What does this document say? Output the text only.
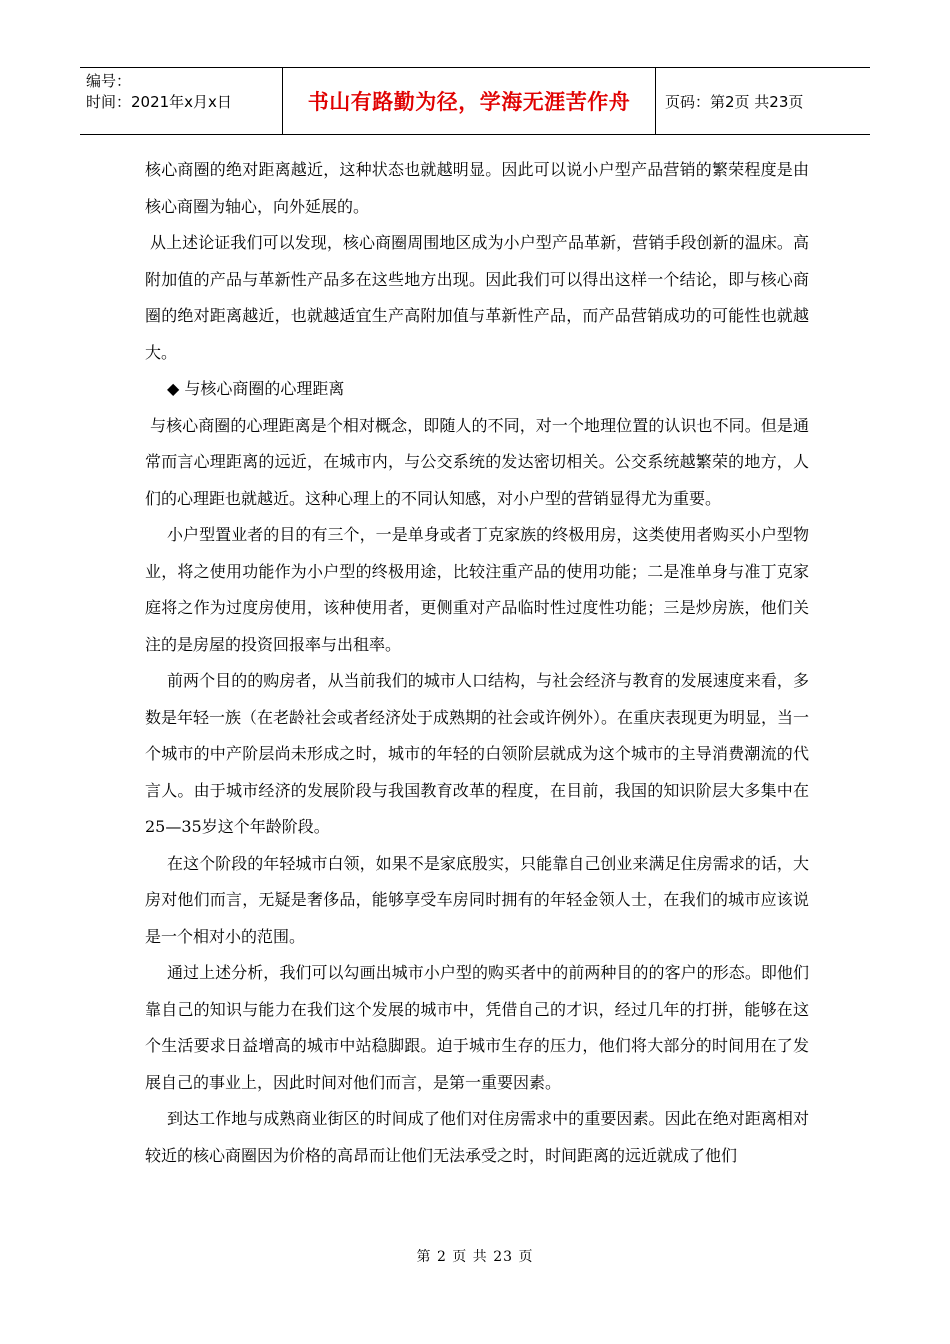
编号：
时间：2021年x月x日	书山有路勤为径，学海无涯苦作舟	页码：第2页 共23页

核心商圈的绝对距离越近，这种状态也就越明显。因此可以说小户型产品营销的繁荣程度是由核心商圈为轴心，向外延展的。

从上述论证我们可以发现，核心商圈周围地区成为小户型产品革新，营销手段创新的温床。高附加值的产品与革新性产品多在这些地方出现。因此我们可以得出这样一个结论，即与核心商圈的绝对距离越近，也就越适宜生产高附加值与革新性产品，而产品营销成功的可能性也就越大。

◆ 与核心商圈的心理距离

与核心商圈的心理距离是个相对概念，即随人的不同，对一个地理位置的认识也不同。但是通常而言心理距离的远近，在城市内，与公交系统的发达密切相关。公交系统越繁荣的地方，人们的心理距也就越近。这种心理上的不同认知感，对小户型的营销显得尤为重要。

小户型置业者的目的有三个，一是单身或者丁克家族的终极用房，这类使用者购买小户型物业，将之使用功能作为小户型的终极用途，比较注重产品的使用功能；二是准单身与准丁克家庭将之作为过度房使用，该种使用者，更侧重对产品临时性过度性功能；三是炒房族，他们关注的是房屋的投资回报率与出租率。

前两个目的的购房者，从当前我们的城市人口结构，与社会经济与教育的发展速度来看，多数是年轻一族（在老龄社会或者经济处于成熟期的社会或许例外）。在重庆表现更为明显，当一个城市的中产阶层尚未形成之时，城市的年轻的白领阶层就成为这个城市的主导消费潮流的代言人。由于城市经济的发展阶段与我国教育改革的程度，在目前，我国的知识阶层大多集中在25—35岁这个年龄阶段。

在这个阶段的年轻城市白领，如果不是家底殷实，只能靠自己创业来满足住房需求的话，大房对他们而言，无疑是奢侈品，能够享受车房同时拥有的年轻金领人士，在我们的城市应该说是一个相对小的范围。

通过上述分析，我们可以勾画出城市小户型的购买者中的前两种目的的客户的形态。即他们靠自己的知识与能力在我们这个发展的城市中，凭借自己的才识，经过几年的打拼，能够在这个生活要求日益增高的城市中站稳脚跟。迫于城市生存的压力，他们将大部分的时间用在了发展自己的事业上，因此时间对他们而言，是第一重要因素。

到达工作地与成熟商业街区的时间成了他们对住房需求中的重要因素。因此在绝对距离相对较近的核心商圈因为价格的高昂而让他们无法承受之时，时间距离的远近就成了他们

第 2 页 共 23 页
